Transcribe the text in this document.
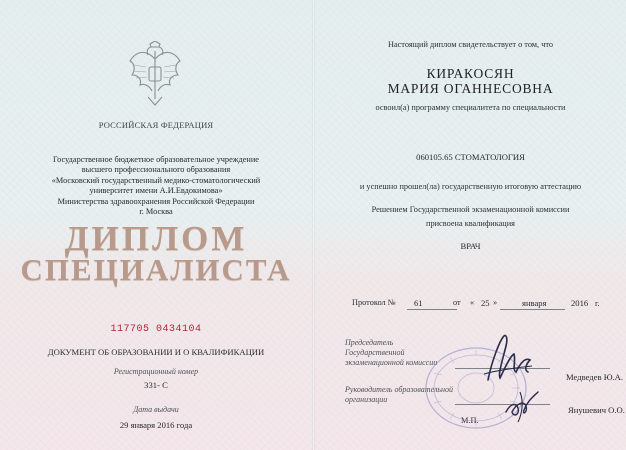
РОССИЙСКАЯ ФЕДЕРАЦИЯ
Государственное бюджетное образовательное учреждение
высшего профессионального образования
«Московский государственный медико-стоматологический
университет имени А.И.Евдокимова»
Министерства здравоохранения Российской Федерации
г. Москва
ДИПЛОМ
СПЕЦИАЛИСТА
117705 0434104
ДОКУМЕНТ ОБ ОБРАЗОВАНИИ И О КВАЛИФИКАЦИИ
Регистрационный номер
331- С
Дата выдачи
29 января 2016 года
Настоящий диплом свидетельствует о том, что
КИРАКОСЯН
МАРИЯ ОГАННЕСОВНА
освоил(а) программу специалитета по специальности
060105.65 СТОМАТОЛОГИЯ
и успешно прошел(ла) государственную итоговую аттестацию
Решением Государственной экзаменационной комиссии
присвоена квалификация
ВРАЧ
Протокол № 61	от « 25 »	января	2016 г.
Председатель
Государственной
экзаменационной комиссии
Медведев Ю.А.
Руководитель образовательной
организации
Янушевич О.О.
М.П.
